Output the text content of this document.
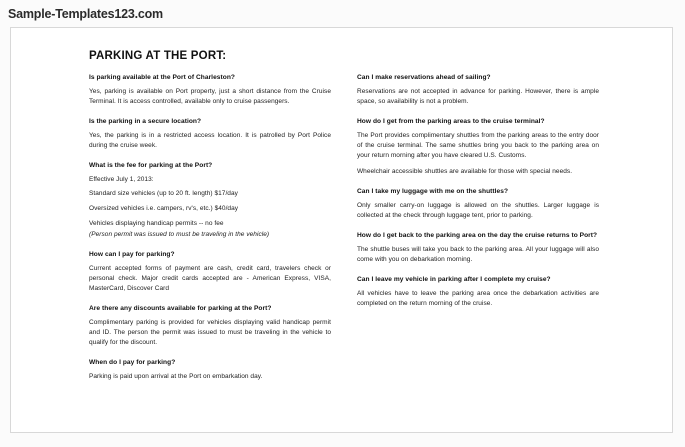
Sample-Templates123.com
PARKING AT THE PORT:
Is parking available at the Port of Charleston?

Yes, parking is available on Port property, just a short distance from the Cruise Terminal. It is access controlled, available only to cruise passengers.

Is the parking in a secure location?

Yes, the parking is in a restricted access location. It is patrolled by Port Police during the cruise week.

What is the fee for parking at the Port?

Effective July 1, 2013:

Standard size vehicles (up to 20 ft. length) $17/day

Oversized vehicles i.e. campers, rv's, etc.) $40/day

Vehicles displaying handicap permits -- no fee

(Person permit was issued to must be traveling in the vehicle)

How can I pay for parking?

Current accepted forms of payment are cash, credit card, travelers check or personal check. Major credit cards accepted are - American Express, VISA, MasterCard, Discover Card

Are there any discounts available for parking at the Port?

Complimentary parking is provided for vehicles displaying valid handicap permit and ID. The person the permit was issued to must be traveling in the vehicle to qualify for the discount.

When do I pay for parking?

Parking is paid upon arrival at the Port on embarkation day.

Can I make reservations ahead of sailing?

Reservations are not accepted in advance for parking. However, there is ample space, so availability is not a problem.

How do I get from the parking areas to the cruise terminal?

The Port provides complimentary shuttles from the parking areas to the entry door of the cruise terminal. The same shuttles bring you back to the parking area on your return morning after you have cleared U.S. Customs.

Wheelchair accessible shuttles are available for those with special needs.

Can I take my luggage with me on the shuttles?

Only smaller carry-on luggage is allowed on the shuttles. Larger luggage is collected at the check through luggage tent, prior to parking.

How do I get back to the parking area on the day the cruise returns to Port?

The shuttle buses will take you back to the parking area. All your luggage will also come with you on debarkation morning.

Can I leave my vehicle in parking after I complete my cruise?

All vehicles have to leave the parking area once the debarkation activities are completed on the return morning of the cruise.
